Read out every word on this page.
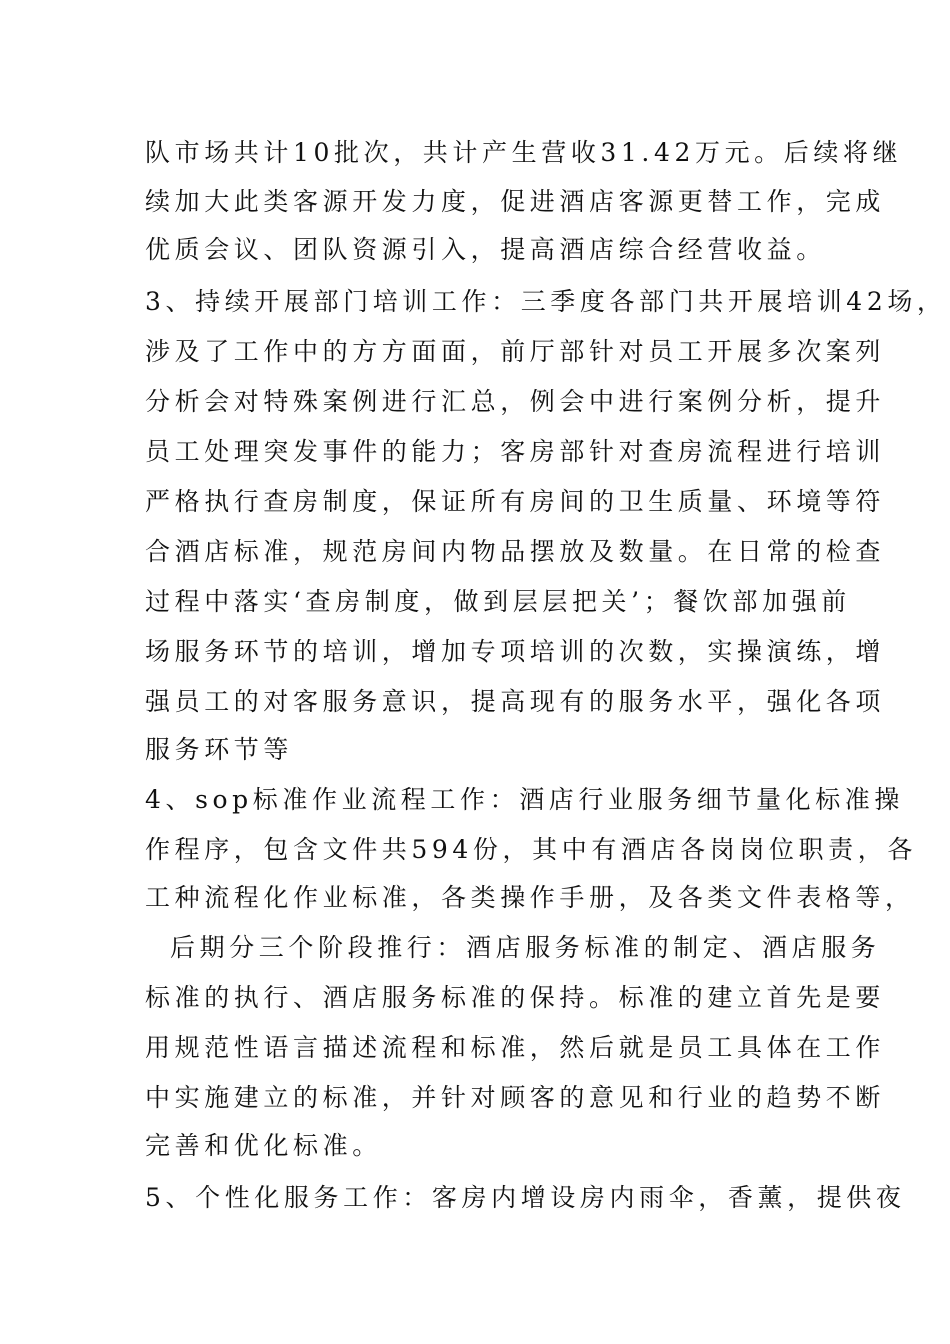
队市场共计10批次，共计产生营收31.42万元。后续将继
续加大此类客源开发力度，促进酒店客源更替工作，完成
优质会议、团队资源引入，提高酒店综合经营收益。
3、持续开展部门培训工作：三季度各部门共开展培训42场，
涉及了工作中的方方面面，前厅部针对员工开展多次案列
分析会对特殊案例进行汇总，例会中进行案例分析，提升
员工处理突发事件的能力；客房部针对查房流程进行培训
严格执行查房制度，保证所有房间的卫生质量、环境等符
合酒店标准，规范房间内物品摆放及数量。在日常的检查
过程中落实‘查房制度，做到层层把关’；餐饮部加强前
场服务环节的培训，增加专项培训的次数，实操演练，增
强员工的对客服务意识，提高现有的服务水平，强化各项
服务环节等
4、sop标准作业流程工作：酒店行业服务细节量化标准操
作程序，包含文件共594份，其中有酒店各岗岗位职责，各
工种流程化作业标准，各类操作手册，及各类文件表格等，
后期分三个阶段推行：酒店服务标准的制定、酒店服务
标准的执行、酒店服务标准的保持。标准的建立首先是要
用规范性语言描述流程和标准，然后就是员工具体在工作
中实施建立的标准，并针对顾客的意见和行业的趋势不断
完善和优化标准。
5、个性化服务工作：客房内增设房内雨伞，香薰，提供夜
